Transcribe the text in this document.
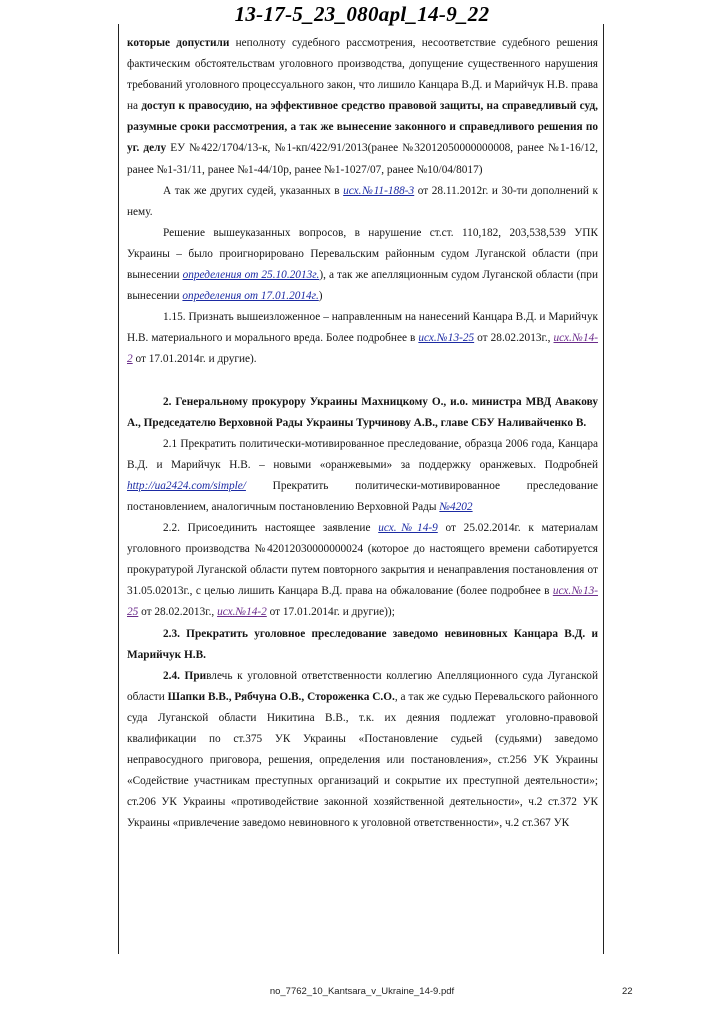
13-17-5_23_080apl_14-9_22

которые допустили неполноту судебного рассмотрения, несоответствие судебного решения фактическим обстоятельствам уголовного производства, допущение существенного нарушения требований уголовного процессуального закон, что лишило Канцара В.Д. и Марийчук Н.В. права на доступ к правосудию, на эффективное средство правовой защиты, на справедливый суд, разумные сроки рассмотрения, а так же вынесение законного и справедливого решения по уг. делу ЕУ №422/1704/13-к, №1-кп/422/91/2013(ранее №32012050000000008, ранее №1-16/12, ранее №1-31/11, ранее №1-44/10р, ранее №1-1027/07, ранее №10/04/8017)

А так же других судей, указанных в исх.№11-188-3 от 28.11.2012г. и 30-ти дополнений к нему.

Решение вышеуказанных вопросов, в нарушение ст.ст. 110,182, 203,538,539 УПК Украины – было проигнорировано Перевальским районным судом Луганской области (при вынесении определения от 25.10.2013г.), а так же апелляционным судом Луганской области (при вынесении определения от 17.01.2014г.)

1.15. Признать вышеизложенное – направленным на нанесений Канцара В.Д. и Марийчук Н.В. материального и морального вреда. Более подробнее в исх.№13-25 от 28.02.2013г., исх.№14-2 от 17.01.2014г. и другие).

2. Генеральному прокурору Украины Махницкому О., и.о. министра МВД Авакову А., Председателю Верховной Рады Украины Турчинову А.В., главе СБУ Наливайченко В.

2.1 Прекратить политически-мотивированное преследование, образца 2006 года, Канцара В.Д. и Марийчук Н.В. – новыми «оранжевыми» за поддержку оранжевых. Подробней http://ua2424.com/simple/ Прекратить политически-мотивированное преследование постановлением, аналогичным постановлению Верховной Рады №4202

2.2. Присоединить настоящее заявление исх.№14-9 от 25.02.2014г. к материалам уголовного производства №42012030000000024 (которое до настоящего времени саботируется прокуратурой Луганской области путем повторного закрытия и ненаправления постановления от 31.05.02013г., с целью лишить Канцара В.Д. права на обжалование (более подробнее в исх.№13-25 от 28.02.2013г., исх.№14-2 от 17.01.2014г. и другие));

2.3. Прекратить уголовное преследование заведомо невиновных Канцара В.Д. и Марийчук Н.В.

2.4. Привлечь к уголовной ответственности коллегию Апелляционного суда Луганской области Шапки В.В., Рябчуна О.В., Стороженка С.О., а так же судью Перевальского районного суда Луганской области Никитина В.В., т.к. их деяния подлежат уголовно-правовой квалификации по ст.375 УК Украины «Постановление судьей (судьями) заведомо неправосудного приговора, решения, определения или постановления», ст.256 УК Украины «Содействие участникам преступных организаций и сокрытие их преступной деятельности»; ст.206 УК Украины «противодействие законной хозяйственной деятельности», ч.2 ст.372 УК Украины «привлечение заведомо невиновного к уголовной ответственности», ч.2 ст.367 УК

no_7762_10_Kantsara_v_Ukraine_14-9.pdf	22
